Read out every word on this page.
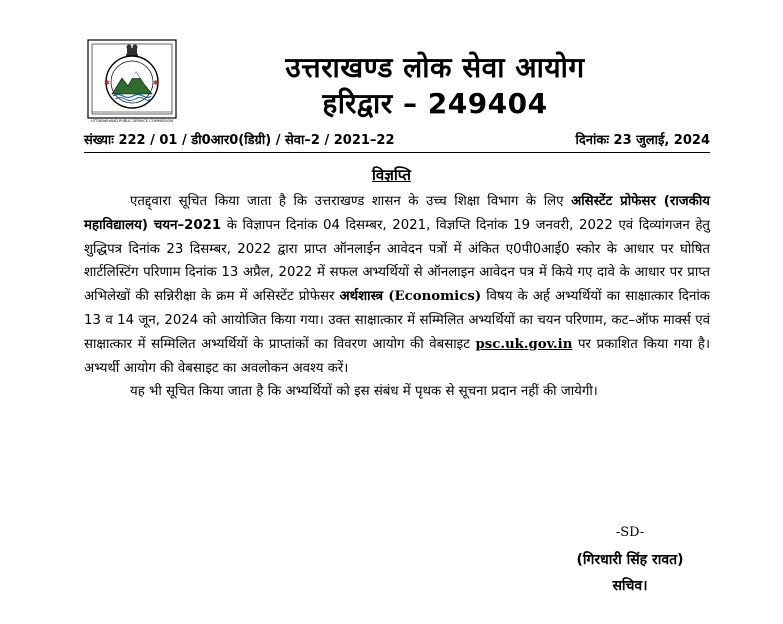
✱	✱
UTTARAKHAND PUBLIC SERVICE COMMISSION
उत्तराखण्ड लोक सेवा आयोग
हरिद्वार – 249404
संख्याः 222 / 01 / डी0आर0(डिग्री) / सेवा–2 / 2021–22	दिनांकः 23 जुलाई, 2024
विज्ञप्ति

एतद्द्वारा सूचित किया जाता है कि उत्तराखण्ड शासन के उच्च शिक्षा विभाग के लिए असिस्टेंट प्रोफेसर (राजकीय महाविद्यालय) चयन–2021 के विज्ञापन दिनांक 04 दिसम्बर, 2021, विज्ञप्ति दिनांक 19 जनवरी, 2022 एवं दिव्यांगजन हेतु शुद्धिपत्र दिनांक 23 दिसम्बर, 2022 द्वारा प्राप्त ऑनलाईन आवेदन पत्रों में अंकित ए0पी0आई0 स्कोर के आधार पर घोषित शार्टलिस्टिंग परिणाम दिनांक 13 अप्रैल, 2022 में सफल अभ्यर्थियों से ऑनलाइन आवेदन पत्र में किये गए दावे के आधार पर प्राप्त अभिलेखों की सन्निरीक्षा के क्रम में असिस्टेंट प्रोफेसर अर्थशास्त्र (Economics) विषय के अर्ह अभ्यर्थियों का साक्षात्कार दिनांक 13 व 14 जून, 2024 को आयोजित किया गया। उक्त साक्षात्कार में सम्मिलित अभ्यर्थियों का चयन परिणाम, कट–ऑफ मार्क्स एवं साक्षात्कार में सम्मिलित अभ्यर्थियों के प्राप्तांकों का विवरण आयोग की वेबसाइट psc.uk.gov.in पर प्रकाशित किया गया है। अभ्यर्थी आयोग की वेबसाइट का अवलोकन अवश्य करें।

यह भी सूचित किया जाता है कि अभ्यर्थियों को इस संबंध में पृथक से सूचना प्रदान नहीं की जायेगी।

-SD-
(गिरधारी सिंह रावत)
सचिव।
